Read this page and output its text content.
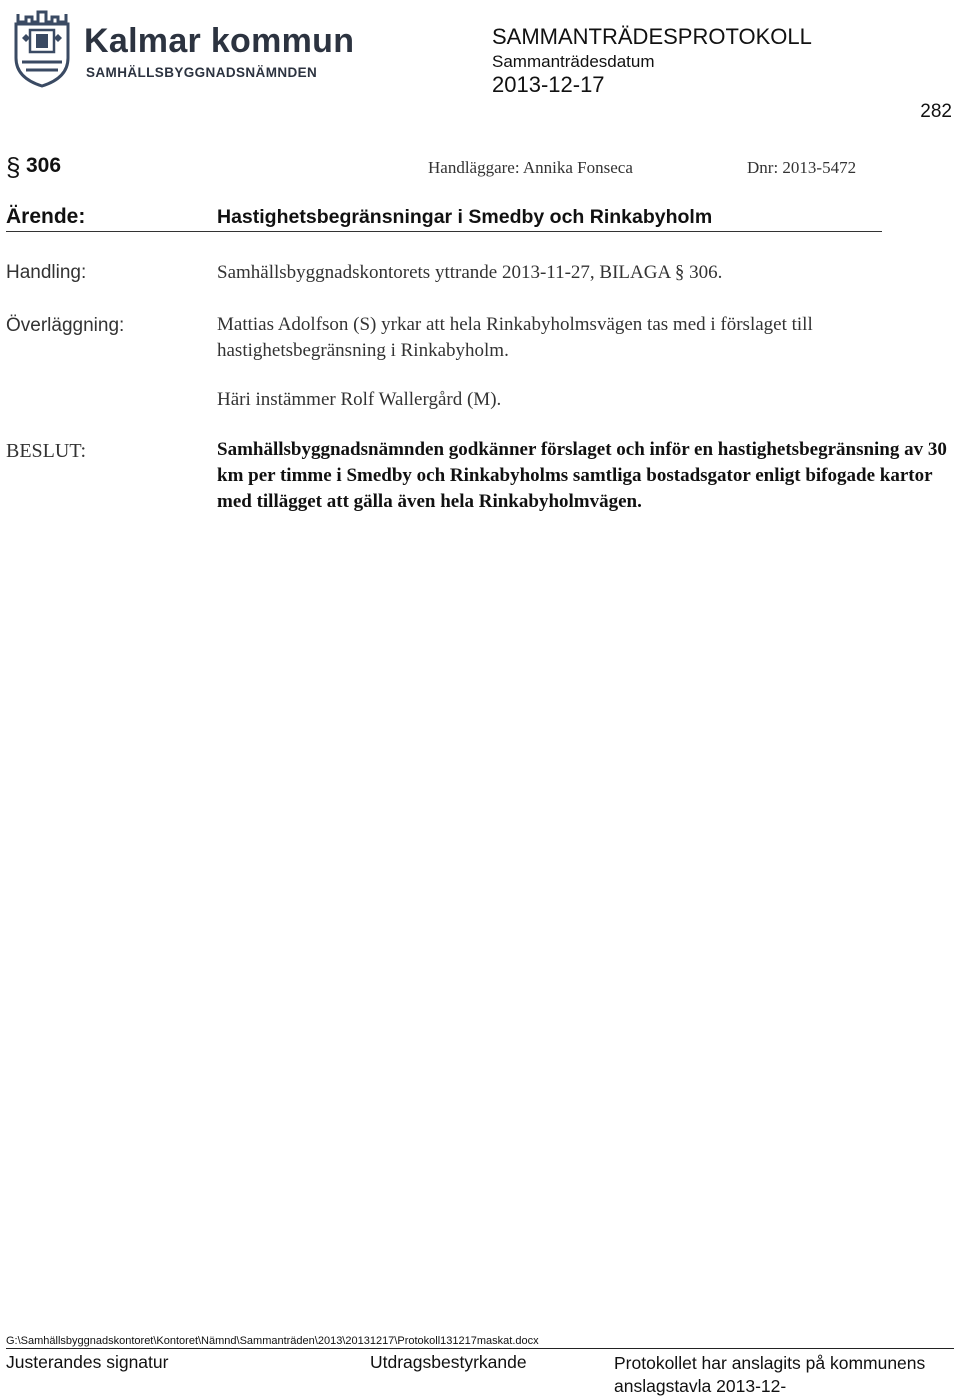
Kalmar kommun
SAMHÄLLSBYGGNADSNÄMNDEN
SAMMANTRÄDESPROTOKOLL
Sammanträdesdatum
2013-12-17
282
§ 306	Handläggare: Annika Fonseca	Dnr: 2013-5472
Ärende:	Hastighetsbegränsningar i Smedby och Rinkabyholm
Handling:	Samhällsbyggnadskontorets yttrande 2013-11-27, BILAGA § 306.
Överläggning:	Mattias Adolfson (S) yrkar att hela Rinkabyholmsvägen tas med i förslaget till hastighetsbegränsning i Rinkabyholm.
Häri instämmer Rolf Wallergård (M).
BESLUT:	Samhällsbyggnadsnämnden godkänner förslaget och inför en hastighetsbegränsning av 30 km per timme i Smedby och Rinkabyholms samtliga bostadsgator enligt bifogade kartor med tillägget att gälla även hela Rinkabyholmvägen.
G:\Samhällsbyggnadskontoret\Kontoret\Nämnd\Sammanträden\2013\20131217\Protokoll131217maskat.docx
Justerandes signatur	Utdragsbestyrkande	Protokollet har anslagits på kommunens anslagstavla 2013-12-
